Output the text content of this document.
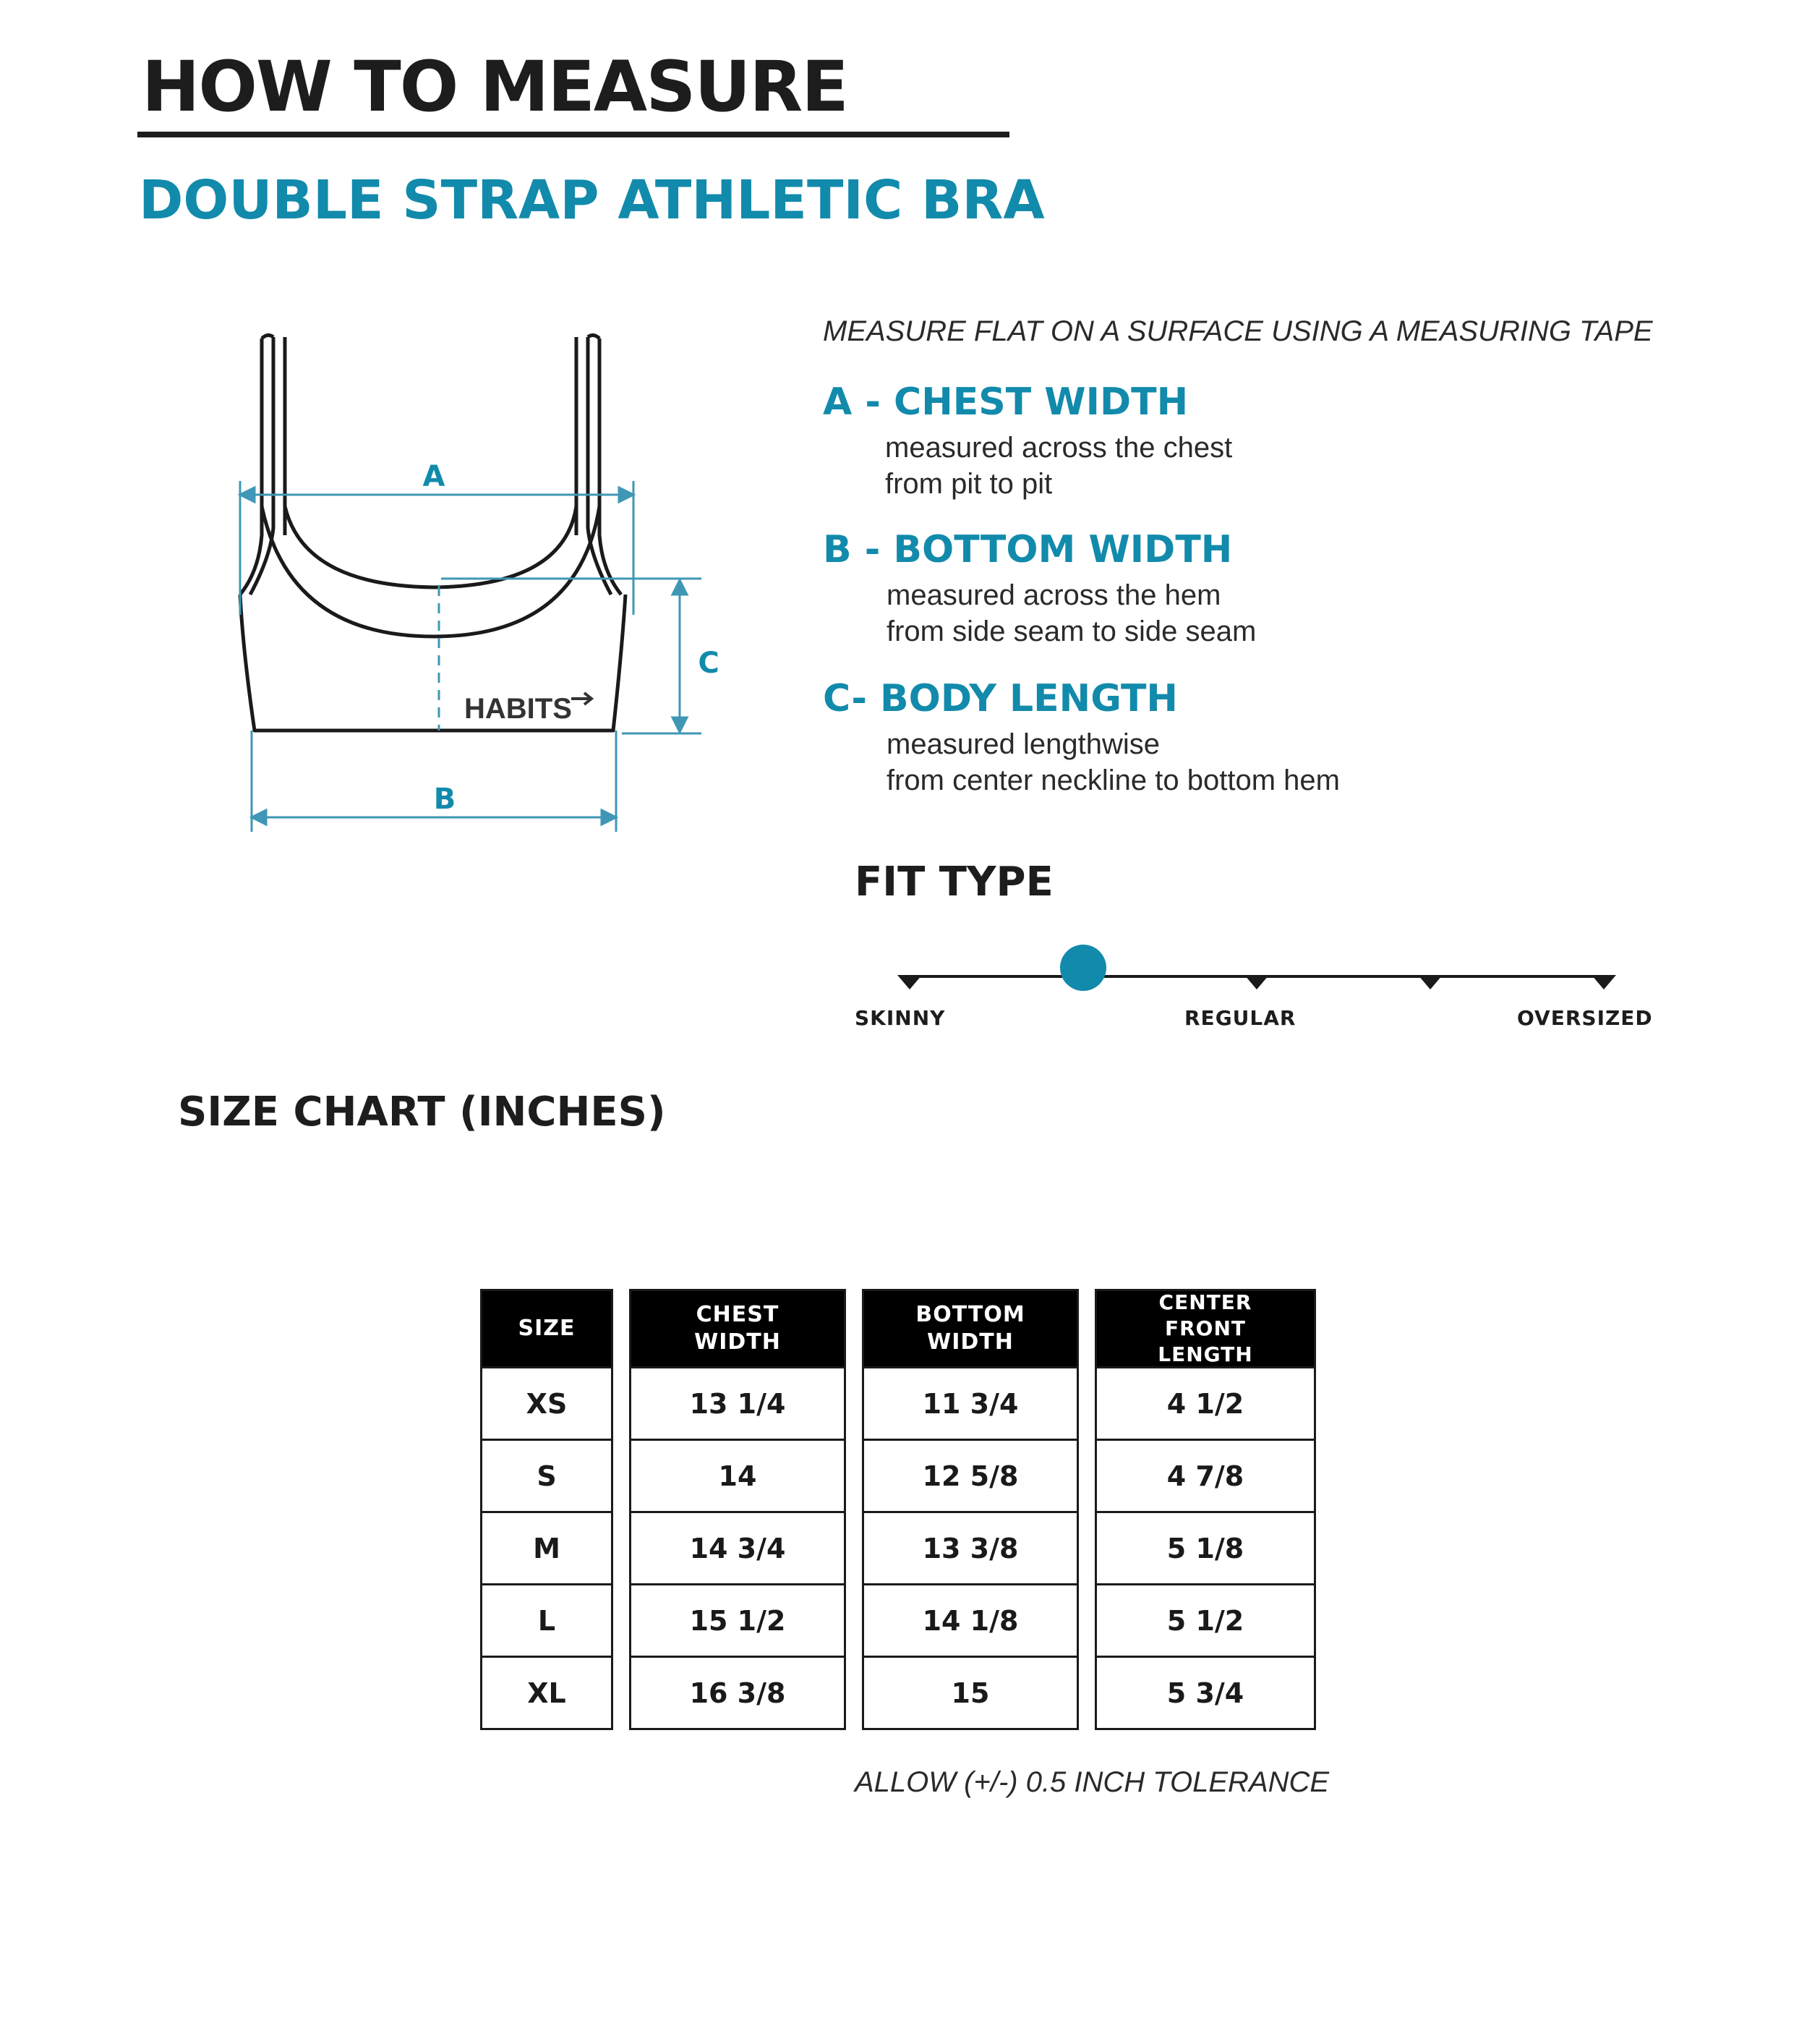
HOW TO MEASURE
DOUBLE STRAP ATHLETIC BRA
A
B
C
HABITS
MEASURE FLAT ON A SURFACE USING A MEASURING TAPE
A - CHEST WIDTH
measured across the chest
from pit to pit
B - BOTTOM WIDTH
measured across the hem
from side seam to side seam
C- BODY LENGTH
measured lengthwise
from center neckline to bottom hem
FIT TYPE
SKINNY	REGULAR	OVERSIZED
SIZE CHART (INCHES)
SIZE
XS
S
M
L
XL
CHEST
WIDTH
13 1/4
14
14 3/4
15 1/2
16 3/8
BOTTOM
WIDTH
11 3/4
12 5/8
13 3/8
14 1/8
15
CENTER
FRONT
LENGTH
4 1/2
4 7/8
5 1/8
5 1/2
5 3/4
ALLOW (+/-) 0.5 INCH TOLERANCE
